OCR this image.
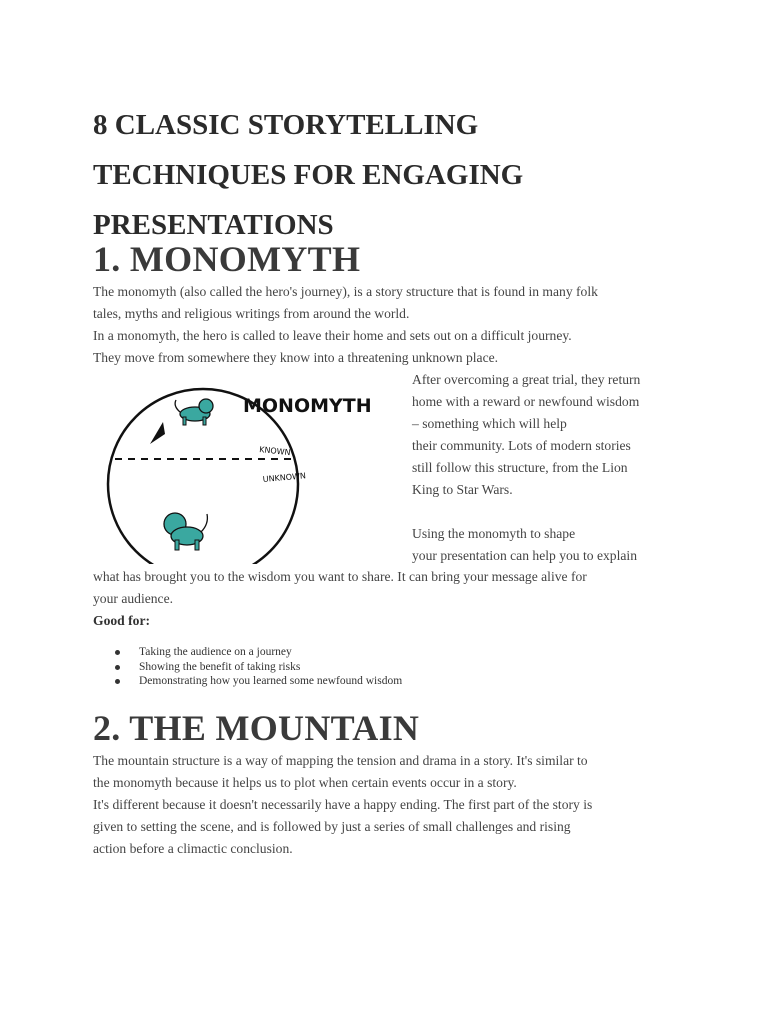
8 CLASSIC STORYTELLING
TECHNIQUES FOR ENGAGING
PRESENTATIONS
1. MONOMYTH
The monomyth (also called the hero's journey), is a story structure that is found in many folk
tales, myths and religious writings from around the world.
In a monomyth, the hero is called to leave their home and sets out on a difficult journey.
They move from somewhere they know into a threatening unknown place.
MONOMYTH
KNOWN
UNKNOWN
After overcoming a great trial, they return
home with a reward or newfound wisdom
– something which will help
their community. Lots of modern stories
still follow this structure, from the Lion
King to Star Wars.
Using the monomyth to shape
your presentation can help you to explain
what has brought you to the wisdom you want to share. It can bring your message alive for
your audience.

Good for:

Taking the audience on a journey
Showing the benefit of taking risks
Demonstrating how you learned some newfound wisdom
2. THE MOUNTAIN
The mountain structure is a way of mapping the tension and drama in a story. It's similar to
the monomyth because it helps us to plot when certain events occur in a story.
It's different because it doesn't necessarily have a happy ending. The first part of the story is
given to setting the scene, and is followed by just a series of small challenges and rising
action before a climactic conclusion.
